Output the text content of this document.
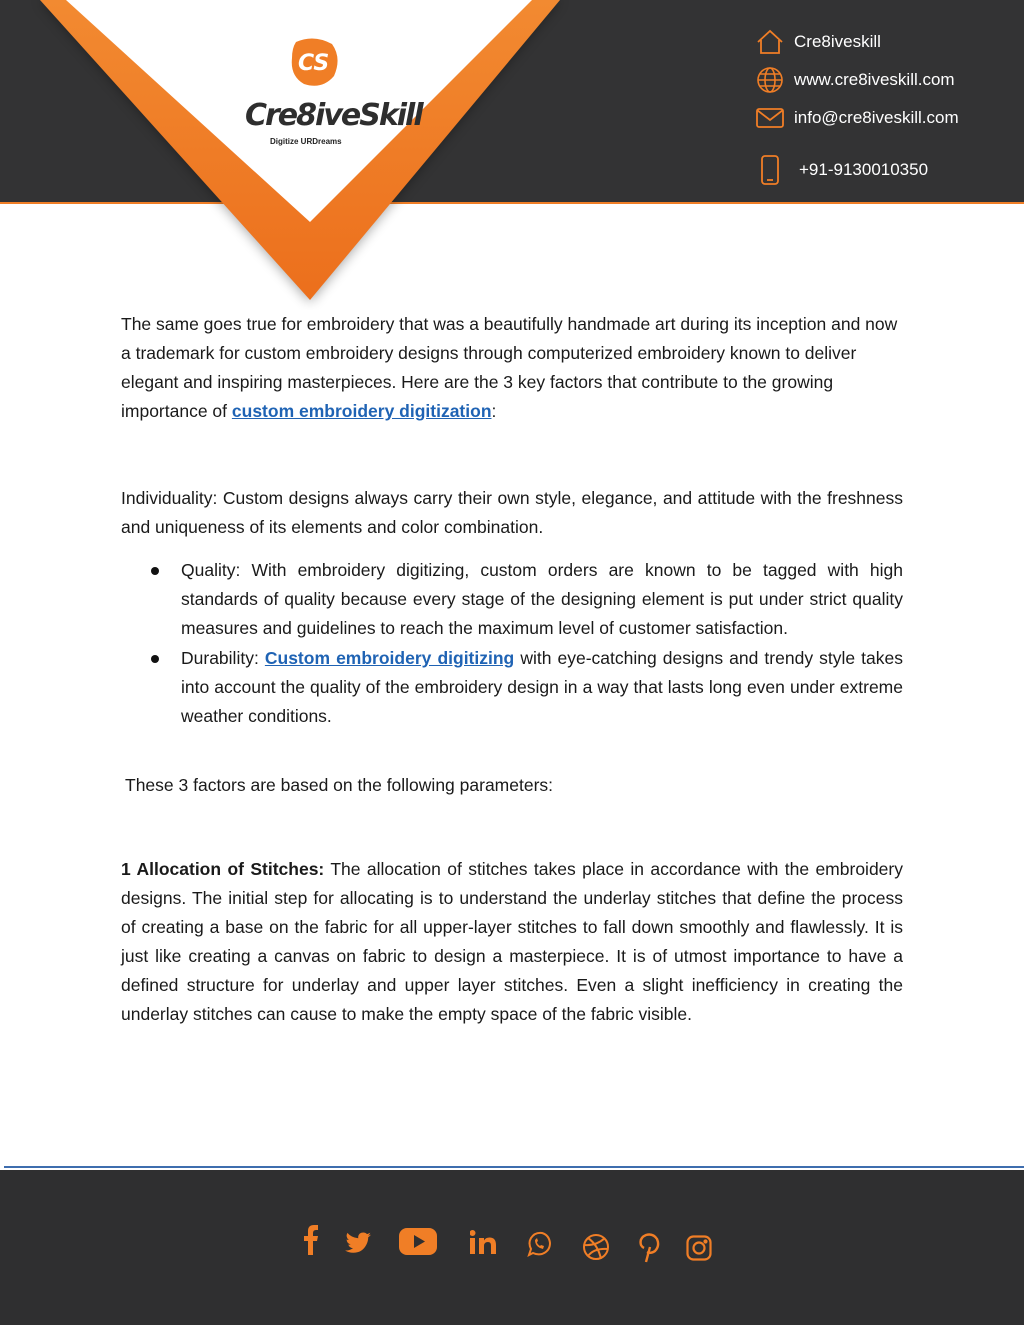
CS
Cre8iveSkill
Digitize URDreams
Cre8iveskill
www.cre8iveskill.com
info@cre8iveskill.com
+91-9130010350
The same goes true for embroidery that was a beautifully handmade art during its inception and now a trademark for custom embroidery designs through computerized embroidery known to deliver elegant and inspiring masterpieces. Here are the 3 key factors that contribute to the growing importance of custom embroidery digitization:
Individuality: Custom designs always carry their own style, elegance, and attitude with the freshness and uniqueness of its elements and color combination.
Quality: With embroidery digitizing, custom orders are known to be tagged with high standards of quality because every stage of the designing element is put under strict quality measures and guidelines to reach the maximum level of customer satisfaction.
Durability: Custom embroidery digitizing with eye-catching designs and trendy style takes into account the quality of the embroidery design in a way that lasts long even under extreme weather conditions.
These 3 factors are based on the following parameters:
1 Allocation of Stitches: The allocation of stitches takes place in accordance with the embroidery designs. The initial step for allocating is to understand the underlay stitches that define the process of creating a base on the fabric for all upper-layer stitches to fall down smoothly and flawlessly. It is just like creating a canvas on fabric to design a masterpiece. It is of utmost importance to have a defined structure for underlay and upper layer stitches. Even a slight inefficiency in creating the underlay stitches can cause to make the empty space of the fabric visible.
